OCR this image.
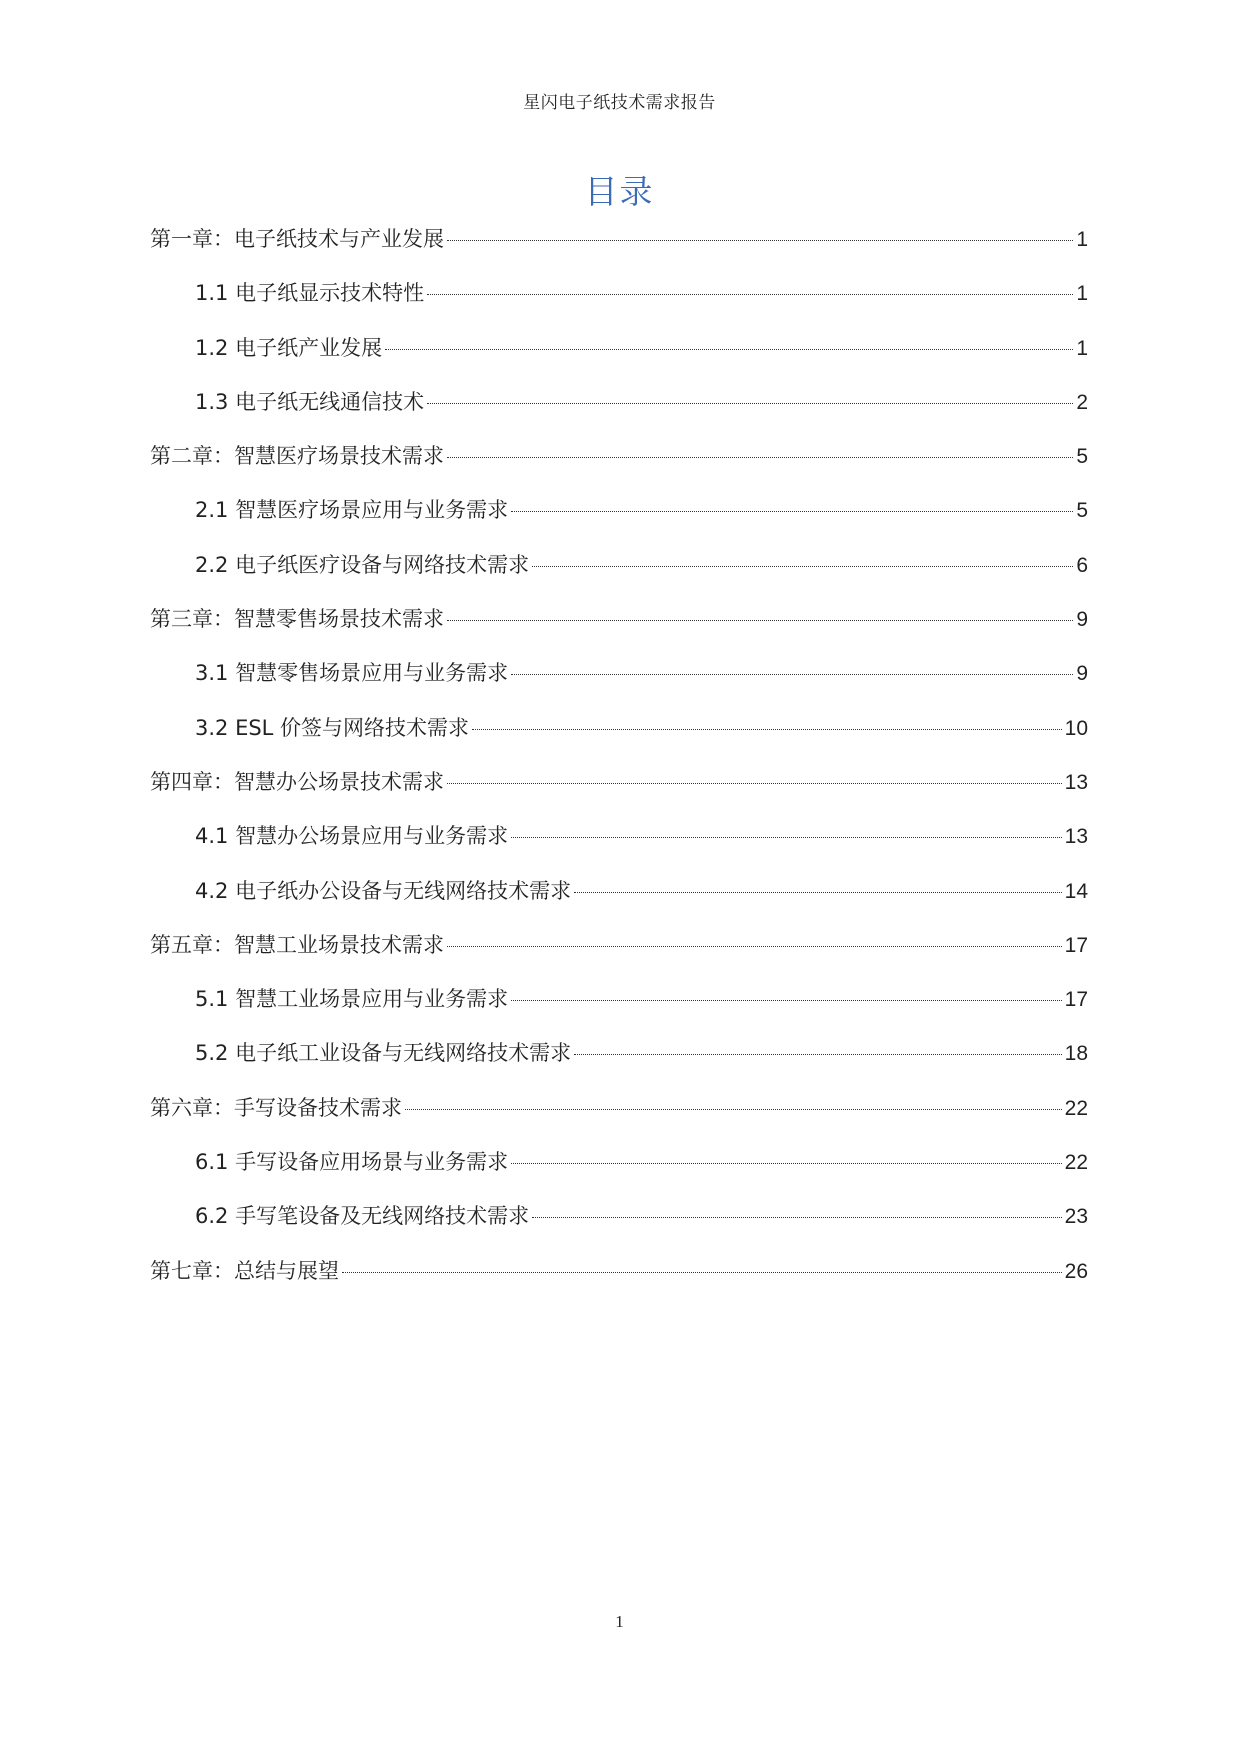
星闪电子纸技术需求报告
目录
第一章：电子纸技术与产业发展	1
1.1 电子纸显示技术特性	1
1.2 电子纸产业发展	1
1.3 电子纸无线通信技术	2
第二章：智慧医疗场景技术需求	5
2.1 智慧医疗场景应用与业务需求	5
2.2 电子纸医疗设备与网络技术需求	6
第三章：智慧零售场景技术需求	9
3.1 智慧零售场景应用与业务需求	9
3.2 ESL 价签与网络技术需求	10
第四章：智慧办公场景技术需求	13
4.1 智慧办公场景应用与业务需求	13
4.2 电子纸办公设备与无线网络技术需求	14
第五章：智慧工业场景技术需求	17
5.1 智慧工业场景应用与业务需求	17
5.2 电子纸工业设备与无线网络技术需求	18
第六章：手写设备技术需求	22
6.1 手写设备应用场景与业务需求	22
6.2 手写笔设备及无线网络技术需求	23
第七章：总结与展望	26
1
